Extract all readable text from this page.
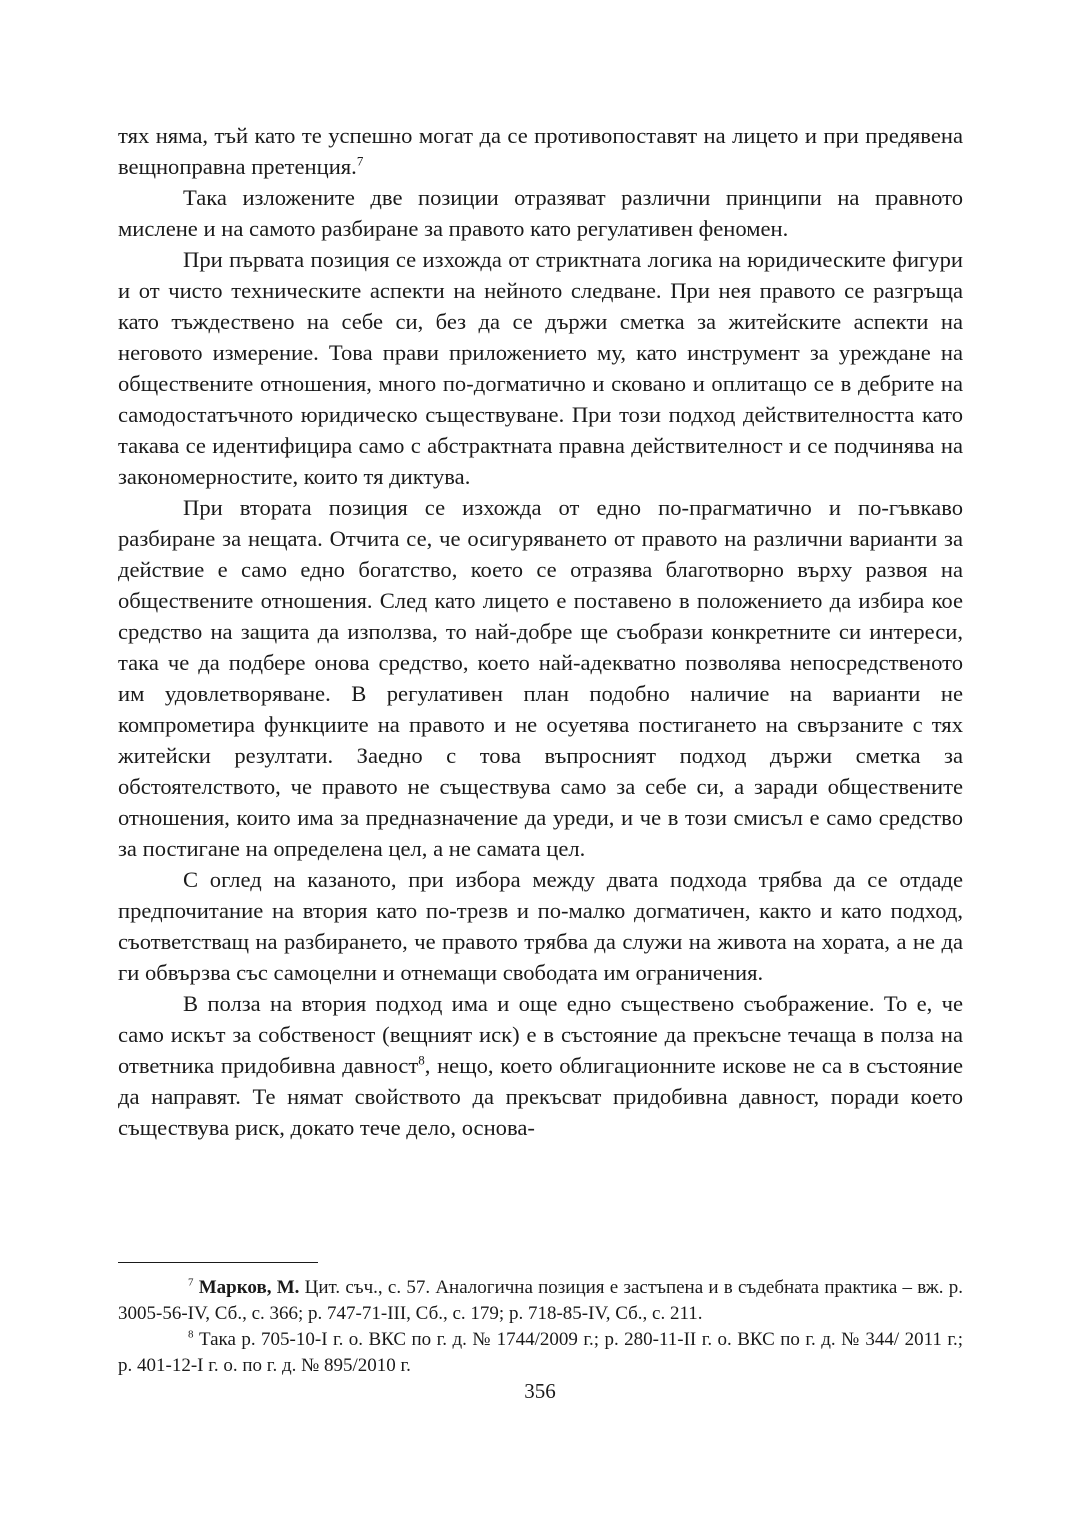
тях няма, тъй като те успешно могат да се противопоставят на лицето и при предявена вещноправна претенция.$^7$

Така изложените две позиции отразяват различни принципи на правното мислене и на самото разбиране за правото като регулативен феномен.

При първата позиция се изхожда от стриктната логика на юридическите фигури и от чисто техническите аспекти на нейното следване. При нея правото се разгръща като тъждествено на себе си, без да се държи сметка за житейските аспекти на неговото измерение. Това прави приложението му, като инструмент за уреждане на обществените отношения, много по-догматично и сковано и оплитащо се в дебрите на самодостатъчното юридическо съществуване. При този подход действителността като такава се идентифицира само с абстрактната правна действителност и се подчинява на закономерностите, които тя диктува.

При втората позиция се изхожда от едно по-прагматично и по-гъвкаво разбиране за нещата. Отчита се, че осигуряването от правото на различни варианти за действие е само едно богатство, което се отразява благотворно върху развоя на обществените отношения. След като лицето е поставено в положението да избира кое средство на защита да използва, то най-добре ще съобрази конкретните си интереси, така че да подбере онова средство, което най-адекватно позволява непосредственото им удовлетворяване. В регулативен план подобно наличие на варианти не компрометира функциите на правото и не осуетява постигането на свързаните с тях житейски резултати. Заедно с това въпросният подход държи сметка за обстоятелството, че правото не съществува само за себе си, а заради обществените отношения, които има за предназначение да уреди, и че в този смисъл е само средство за постигане на определена цел, а не самата цел.

С оглед на казаното, при избора между двата подхода трябва да се отдаде предпочитание на втория като по-трезв и по-малко догматичен, както и като подход, съответстващ на разбирането, че правото трябва да служи на живота на хората, а не да ги обвързва със самоцелни и отнемащи свободата им ограничения.

В полза на втория подход има и още едно съществено съображение. То е, че само искът за собственост (вещният иск) е в състояние да прекъсне течаща в полза на ответника придобивна давност$^8$, нещо, което облигационните искове не са в състояние да направят. Те нямат свойството да прекъсват придобивна давност, поради което съществува риск, докато тече дело, основа-

$^7$ Марков, М. Цит. съч., с. 57. Аналогична позиция е застъпена и в съдебната практика – вж. р. 3005-56-IV, Сб., с. 366; р. 747-71-III, Сб., с. 179; р. 718-85-IV, Сб., с. 211.

$^8$ Така р. 705-10-I г. о. ВКС по г. д. № 1744/2009 г.; р. 280-11-II г. о. ВКС по г. д. № 344/ 2011 г.; р. 401-12-I г. о. по г. д. № 895/2010 г.

356
